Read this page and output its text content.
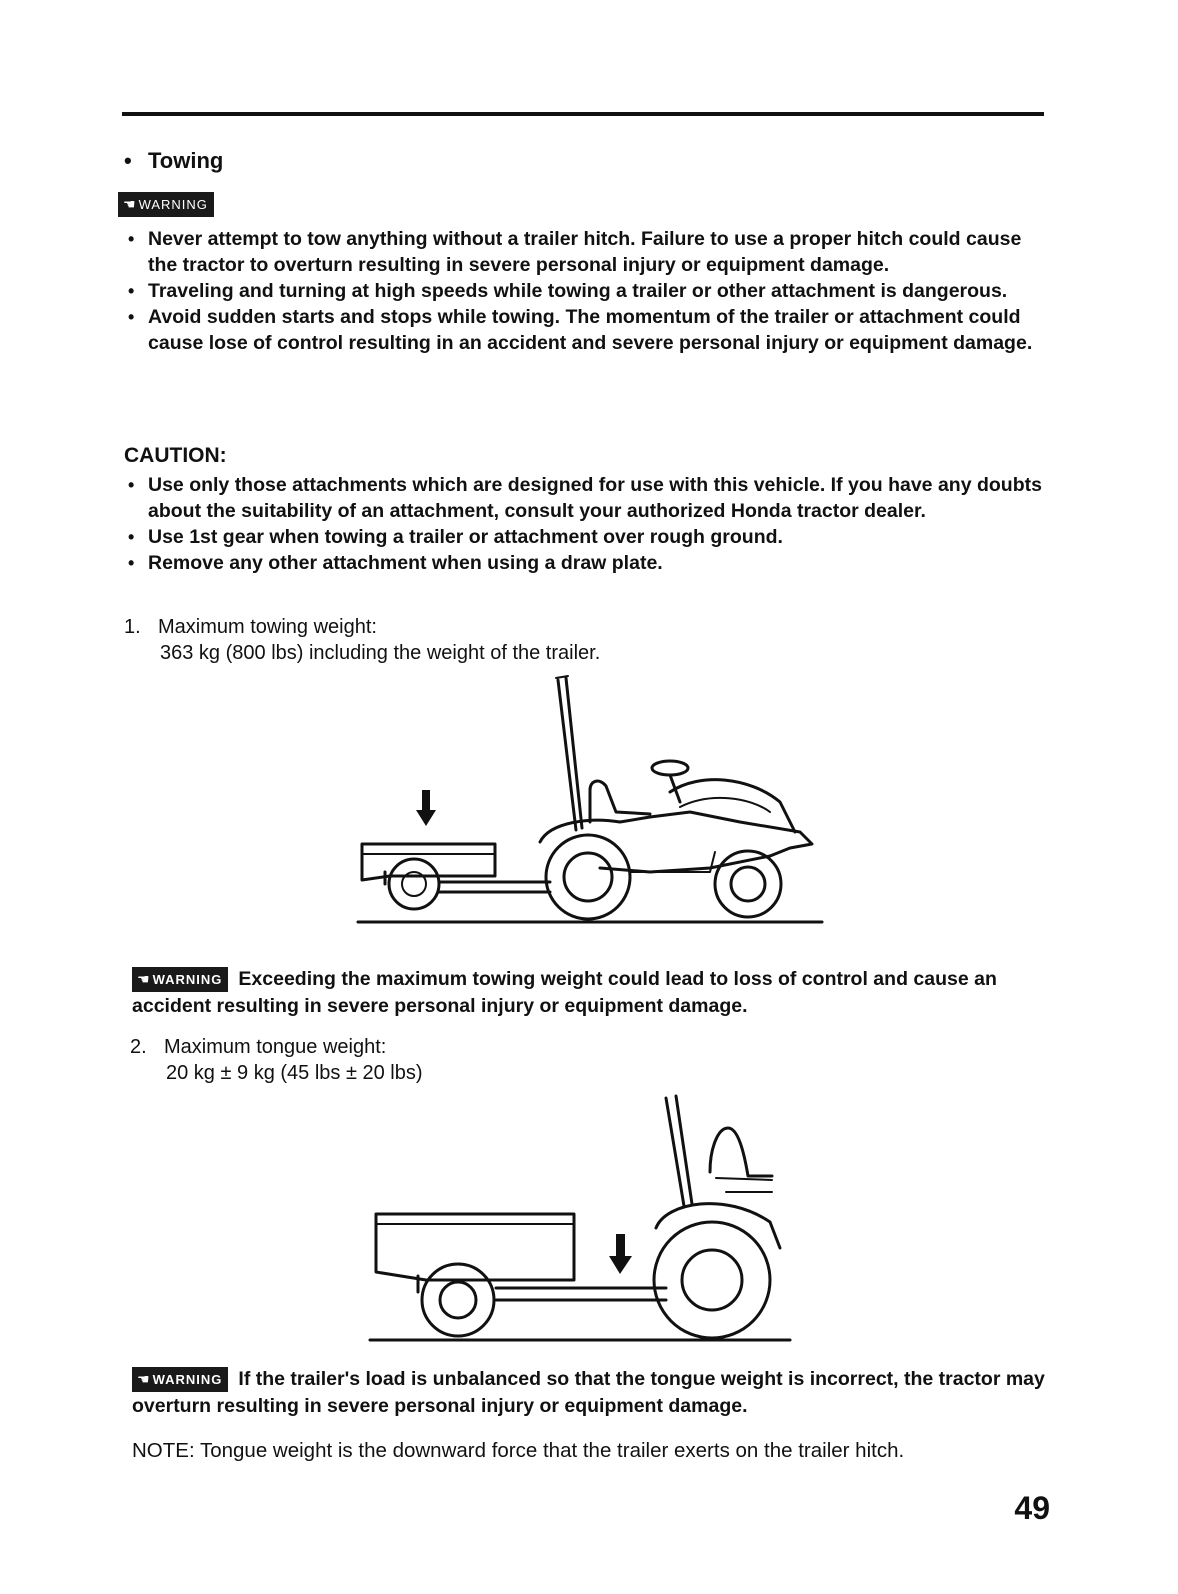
• Towing
☚ WARNING
• Never attempt to tow anything without a trailer hitch. Failure to use a proper hitch could cause the tractor to overturn resulting in severe personal injury or equipment damage.
• Traveling and turning at high speeds while towing a trailer or other attachment is dangerous.
• Avoid sudden starts and stops while towing. The momentum of the trailer or attachment could cause lose of control resulting in an accident and severe personal injury or equipment damage.
CAUTION:
• Use only those attachments which are designed for use with this vehicle. If you have any doubts about the suitability of an attachment, consult your authorized Honda tractor dealer.
• Use 1st gear when towing a trailer or attachment over rough ground.
• Remove any other attachment when using a draw plate.
1. Maximum towing weight:
363 kg (800 lbs) including the weight of the trailer.
☚ WARNING Exceeding the maximum towing weight could lead to loss of control and cause an accident resulting in severe personal injury or equipment damage.
2. Maximum tongue weight:
20 kg ± 9 kg (45 lbs ± 20 lbs)
☚ WARNING If the trailer's load is unbalanced so that the tongue weight is incorrect, the tractor may overturn resulting in severe personal injury or equipment damage.
NOTE: Tongue weight is the downward force that the trailer exerts on the trailer hitch.
49
